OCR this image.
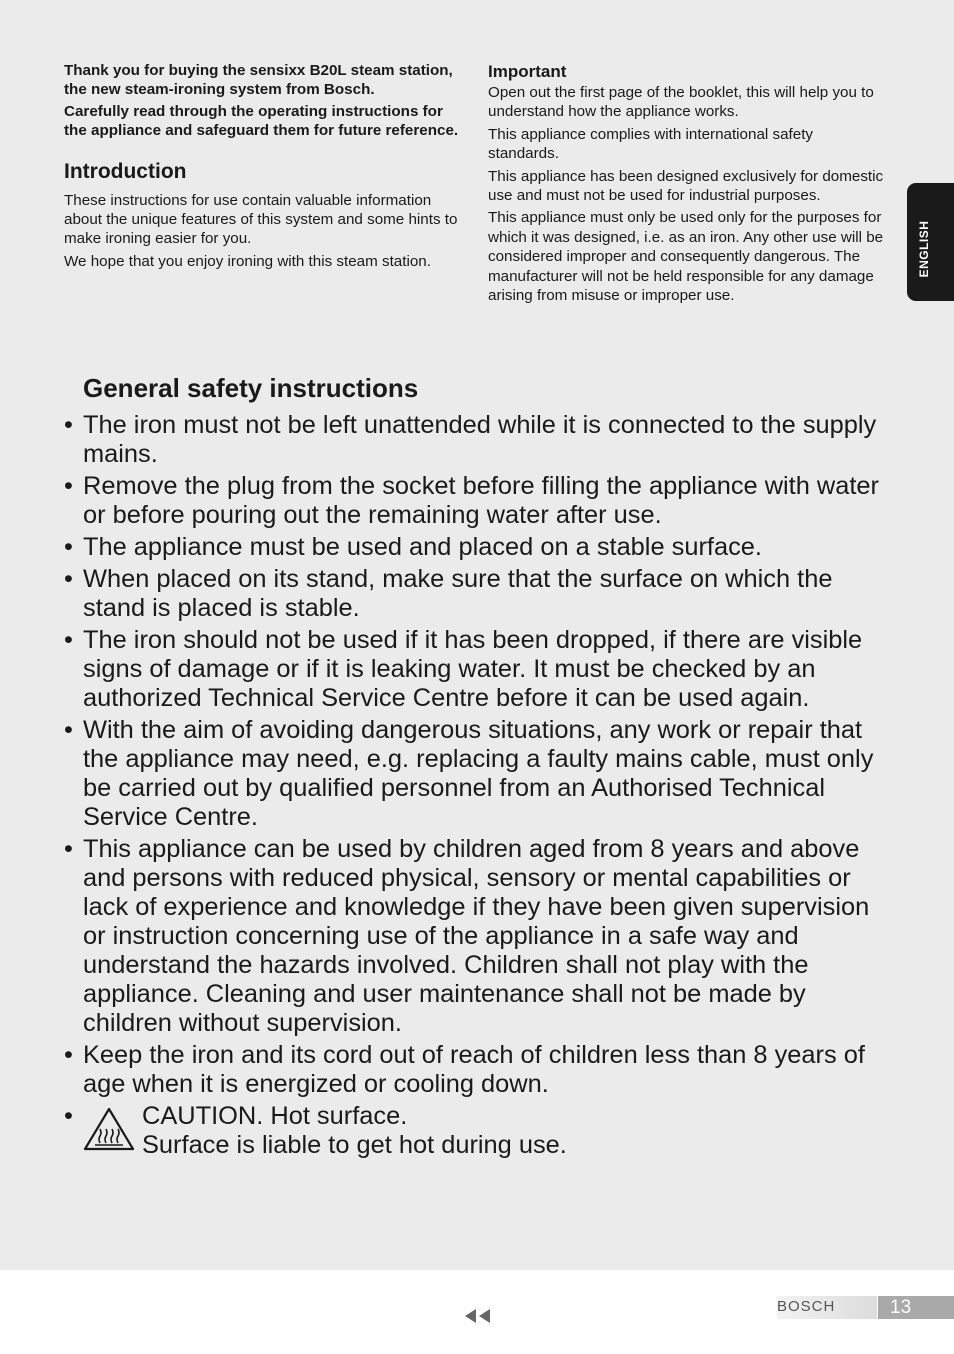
Thank you for buying the sensixx B20L steam station, the new steam-ironing system from Bosch.

Carefully read through the operating instructions for the appliance and safeguard them for future reference.

Introduction

These instructions for use contain valuable information about the unique features of this system and some hints to make ironing easier for you.

We hope that you enjoy ironing with this steam station.

Important

Open out the first page of the booklet, this will help you to understand how the appliance works.

This appliance complies with international safety standards.

This appliance has been designed exclusively for domestic use and must not be used for industrial purposes.

This appliance must only be used only for the purposes for which it was designed, i.e. as an iron. Any other use will be considered improper and consequently dangerous. The manufacturer will not be held responsible for any damage arising from misuse or improper use.

ENGLISH
General safety instructions
• The iron must not be left unattended while it is connected to the supply mains.
• Remove the plug from the socket before filling the appliance with water or before pouring out the remaining water after use.
• The appliance must be used and placed on a stable surface.
• When placed on its stand, make sure that the surface on which the stand is placed is stable.
• The iron should not be used if it has been dropped, if there are visible signs of damage or if it is leaking water. It must be checked by an authorized Technical Service Centre before it can be used again.
• With the aim of avoiding dangerous situations, any work or repair that the appliance may need, e.g. replacing a faulty mains cable, must only be carried out by qualified personnel from an Authorised Technical Service Centre.
• This appliance can be used by children aged from 8 years and above and persons with reduced physical, sensory or mental capabilities or lack of experience and knowledge if they have been given supervision or instruction concerning use of the appliance in a safe way and understand the hazards involved. Children shall not play with the appliance. Cleaning and user maintenance shall not be made by children without supervision.
• Keep the iron and its cord out of reach of children less than 8 years of age when it is energized or cooling down.
•	CAUTION. Hot surface.
Surface is liable to get hot during use.
BOSCH	13
